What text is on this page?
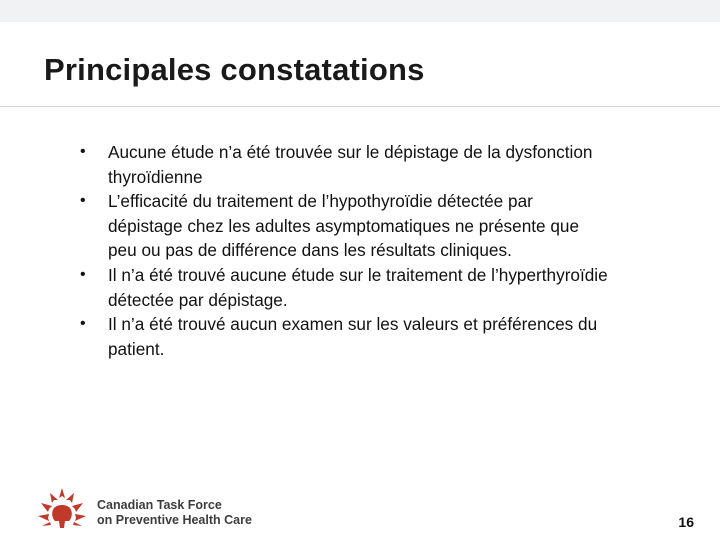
Principales constatations
• Aucune étude n’a été trouvée sur le dépistage de la dysfonction thyroïdienne
• L’efficacité du traitement de l’hypothyroïdie détectée par dépistage chez les adultes asymptomatiques ne présente que peu ou pas de différence dans les résultats cliniques.
• Il n’a été trouvé aucune étude sur le traitement de l’hyperthyroïdie détectée par dépistage.
• Il n’a été trouvé aucun examen sur les valeurs et préférences du patient.
Canadian Task Force
on Preventive Health Care	16
